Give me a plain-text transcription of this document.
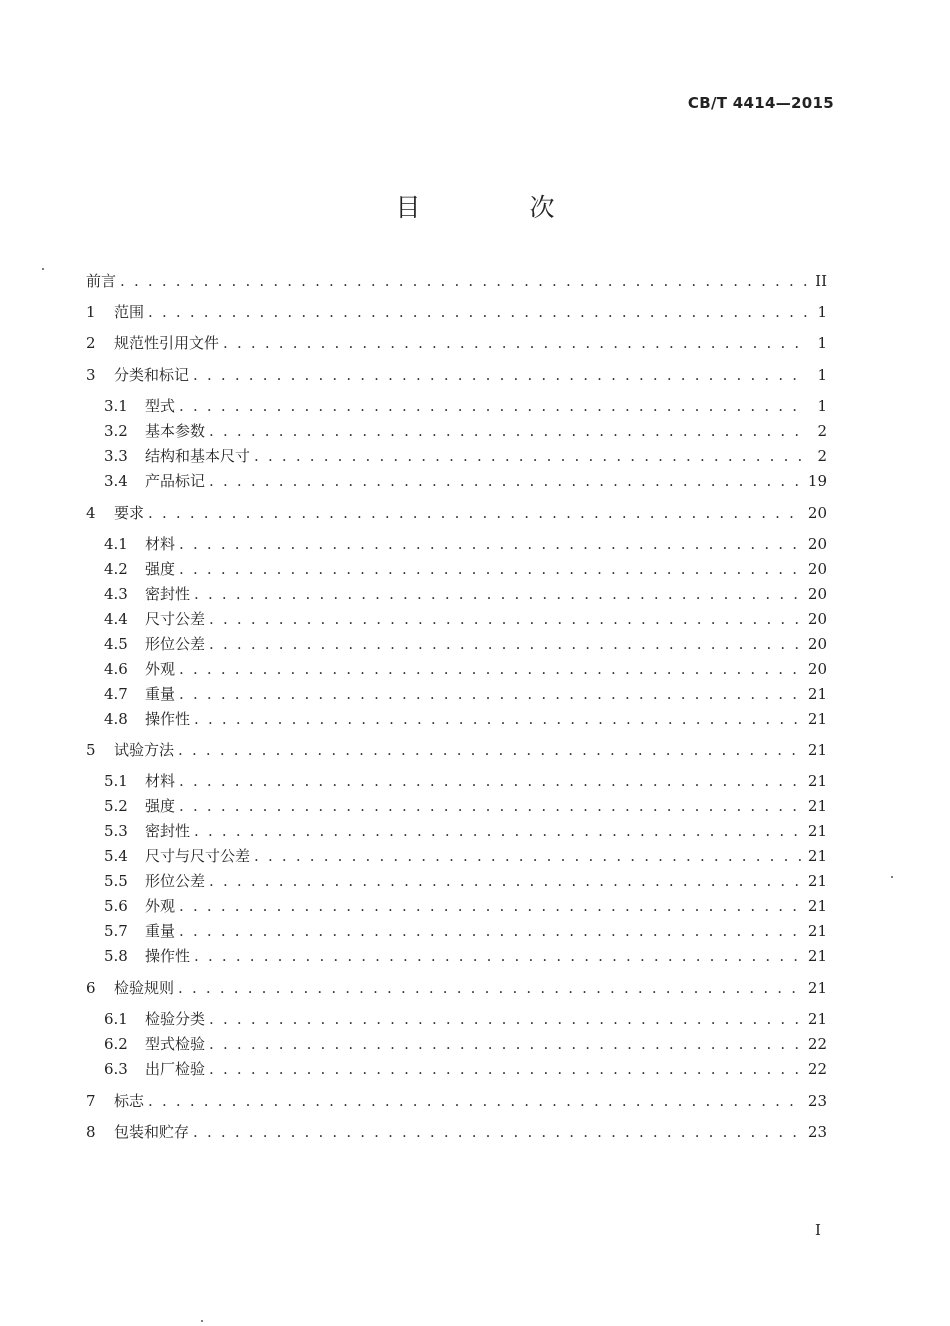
CB/T 4414—2015
目　次
前言 . . .	II
1	范围 . . .	1
2	规范性引用文件 . . .	1
3	分类和标记 . . .	1
3.1	型式 . . .	1
3.2	基本参数 . . .	2
3.3	结构和基本尺寸 . . .	2
3.4	产品标记 . . .	19
4	要求 . . .	20
4.1	材料 . . .	20
4.2	强度 . . .	20
4.3	密封性 . . .	20
4.4	尺寸公差 . . .	20
4.5	形位公差 . . .	20
4.6	外观 . . .	20
4.7	重量 . . .	21
4.8	操作性 . . .	21
5	试验方法 . . .	21
5.1	材料 . . .	21
5.2	强度 . . .	21
5.3	密封性 . . .	21
5.4	尺寸与尺寸公差 . . .	21
5.5	形位公差 . . .	21
5.6	外观 . . .	21
5.7	重量 . . .	21
5.8	操作性 . . .	21
6	检验规则 . . .	21
6.1	检验分类 . . .	21
6.2	型式检验 . . .	22
6.3	出厂检验 . . .	22
7	标志 . . .	23
8	包装和贮存 . . .	23
I
